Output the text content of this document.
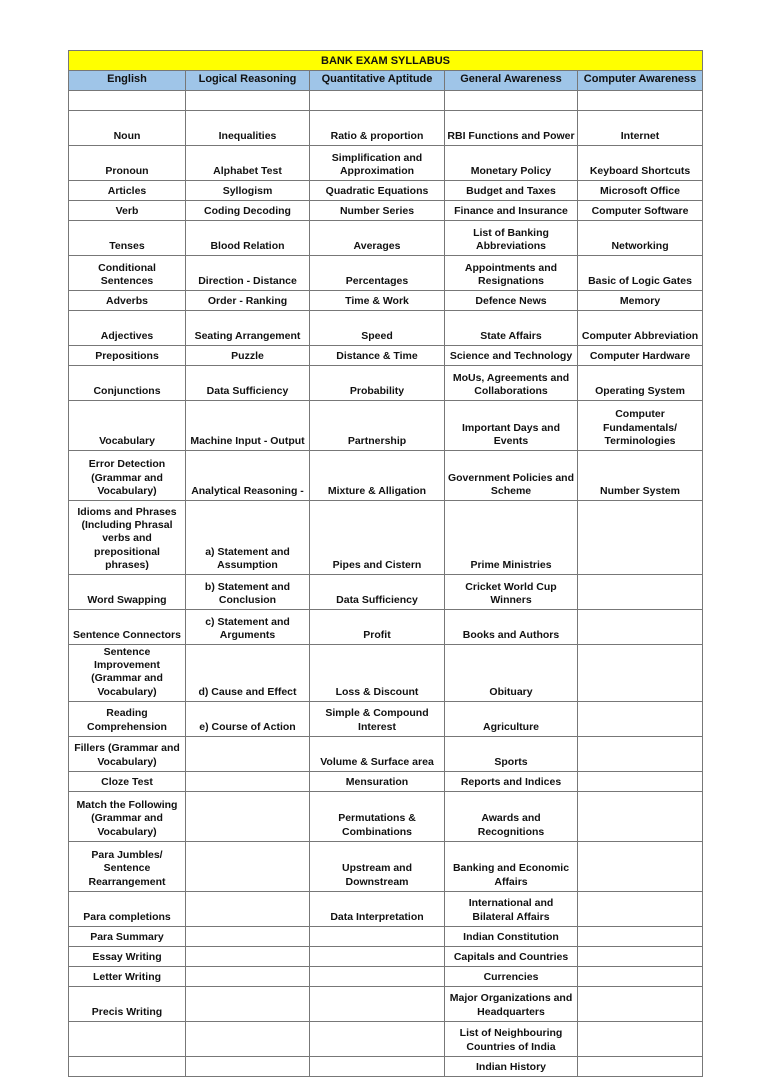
BANK EXAM SYLLABUS				
English	Logical Reasoning	Quantitative Aptitude	General Awareness	Computer Awareness

Noun	Inequalities	Ratio & proportion	RBI Functions and Power	Internet
Pronoun	Alphabet Test	Simplification and Approximation	Monetary Policy	Keyboard Shortcuts
Articles	Syllogism	Quadratic Equations	Budget and Taxes	Microsoft Office
Verb	Coding Decoding	Number Series	Finance and Insurance	Computer Software
Tenses	Blood Relation	Averages	List of Banking Abbreviations	Networking
Conditional Sentences	Direction - Distance	Percentages	Appointments and Resignations	Basic of Logic Gates
Adverbs	Order - Ranking	Time & Work	Defence News	Memory
Adjectives	Seating Arrangement	Speed	State Affairs	Computer Abbreviation
Prepositions	Puzzle	Distance & Time	Science and Technology	Computer Hardware
Conjunctions	Data Sufficiency	Probability	MoUs, Agreements and Collaborations	Operating System
Vocabulary	Machine Input - Output	Partnership	Important Days and Events	Computer Fundamentals/ Terminologies
Error Detection (Grammar and Vocabulary)	Analytical Reasoning -	Mixture & Alligation	Government Policies and Scheme	Number System
Idioms and Phrases (Including Phrasal verbs and prepositional phrases)	a) Statement and Assumption	Pipes and Cistern	Prime Ministries	
Word Swapping	b) Statement and Conclusion	Data Sufficiency	Cricket World Cup Winners	
Sentence Connectors	c) Statement and Arguments	Profit	Books and Authors	
Sentence Improvement (Grammar and Vocabulary)	d) Cause and Effect	Loss & Discount	Obituary	
Reading Comprehension	e) Course of Action	Simple & Compound Interest	Agriculture	
Fillers (Grammar and Vocabulary)		Volume & Surface area	Sports	
Cloze Test		Mensuration	Reports and Indices	
Match the Following (Grammar and Vocabulary)		Permutations & Combinations	Awards and Recognitions	
Para Jumbles/ Sentence Rearrangement		Upstream and Downstream	Banking and Economic Affairs	
Para completions		Data Interpretation	International and Bilateral Affairs	
Para Summary			Indian Constitution	
Essay Writing			Capitals and Countries	
Letter Writing			Currencies	
Precis Writing			Major Organizations and Headquarters	
			List of Neighbouring Countries of India	
			Indian History	
